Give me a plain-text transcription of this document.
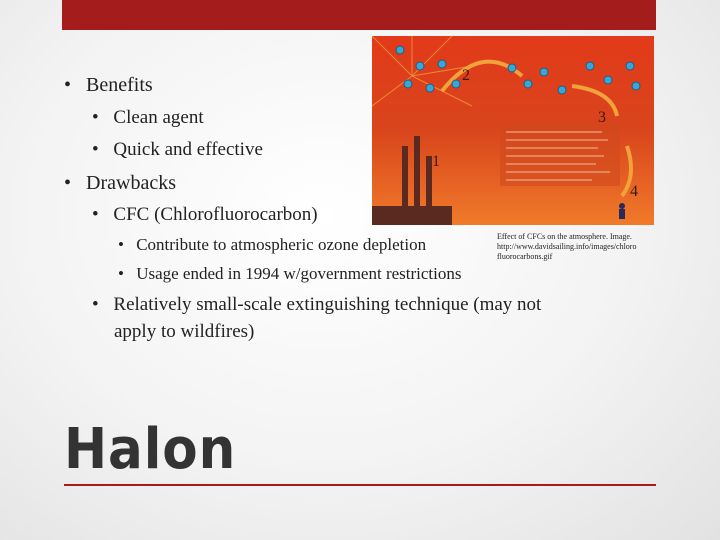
• Benefits
• Clean agent
• Quick and effective
• Drawbacks
• CFC (Chlorofluorocarbon)
• Contribute to atmospheric ozone depletion
• Usage ended in 1994 w/government restrictions
• Relatively small-scale extinguishing technique (may not
apply to wildfires)
2
3
1
4
Effect of CFCs on the atmosphere. Image.
http://www.davidsailing.info/images/chloro
fluorocarbons.gif
Halon
